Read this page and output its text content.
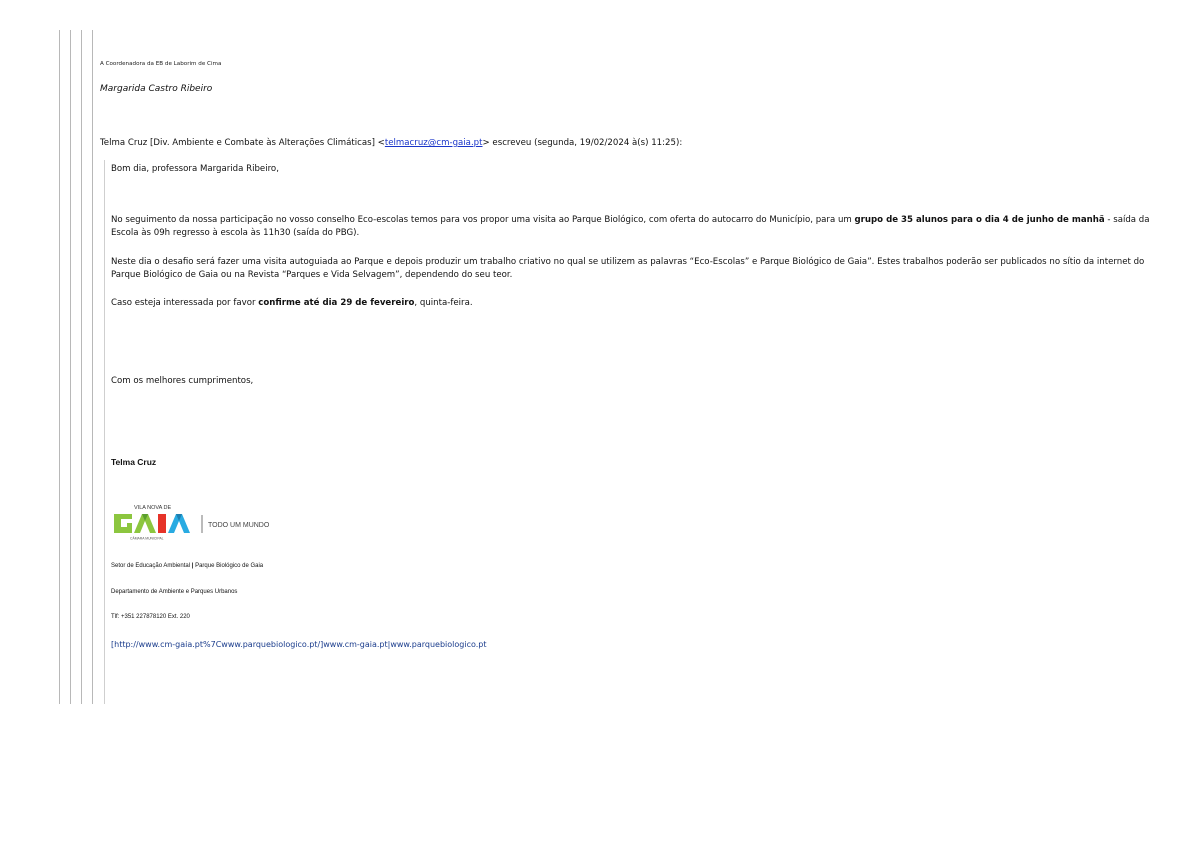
A Coordenadora da EB de Laborim de Cima
Margarida Castro Ribeiro
Telma Cruz [Div. Ambiente e Combate às Alterações Climáticas] <telmacruz@cm-gaia.pt> escreveu (segunda, 19/02/2024 à(s) 11:25):
Bom dia, professora Margarida Ribeiro,
No seguimento da nossa participação no vosso conselho Eco-escolas temos para vos propor uma visita ao Parque Biológico, com oferta do autocarro do Município, para um grupo de 35 alunos para o dia 4 de junho de manhã - saída da Escola às 09h regresso à escola às 11h30 (saída do PBG).
Neste dia o desafio será fazer uma visita autoguiada ao Parque e depois produzir um trabalho criativo no qual se utilizem as palavras “Eco-Escolas” e Parque Biológico de Gaia”. Estes trabalhos poderão ser publicados no sítio da internet do Parque Biológico de Gaia ou na Revista “Parques e Vida Selvagem”, dependendo do seu teor.
Caso esteja interessada por favor confirme até dia 29 de fevereiro, quinta-feira.
Com os melhores cumprimentos,
Telma Cruz
VILA NOVA DE
CÂMARA MUNICIPAL
TODO UM MUNDO
Setor de Educação Ambiental | Parque Biológico de Gaia
Departamento de Ambiente e Parques Urbanos
Tlf: +351 227878120 Ext. 220
[http://www.cm-gaia.pt%7Cwww.parquebiologico.pt/]www.cm-gaia.pt|www.parquebiologico.pt
